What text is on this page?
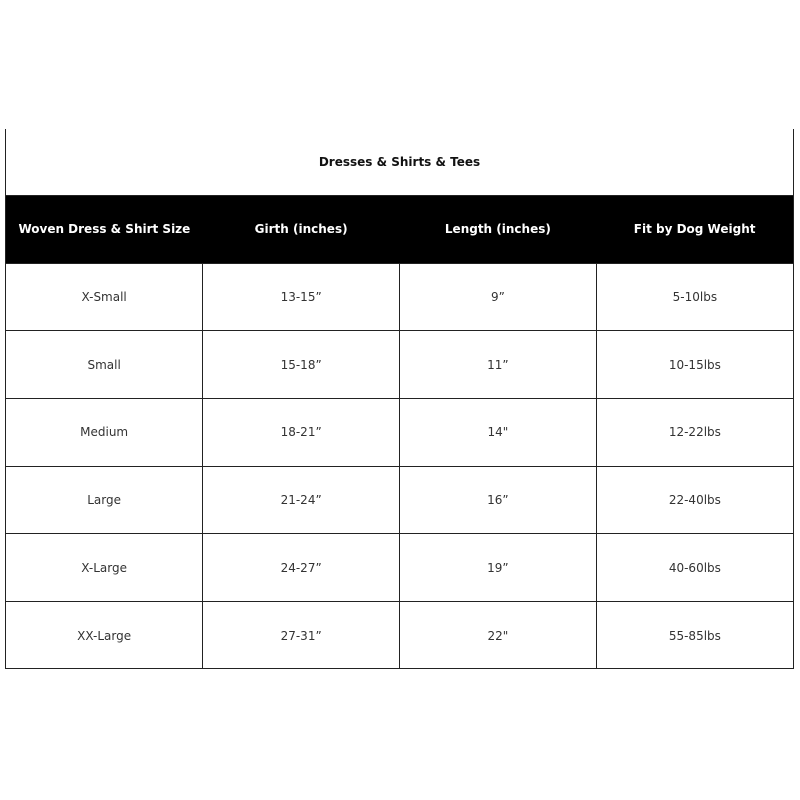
Dresses & Shirts & Tees
Woven Dress & Shirt Size	Girth (inches)	Length (inches)	Fit by Dog Weight
X-Small	13-15”	9”	5-10lbs
Small	15-18”	11”	10-15lbs
Medium	18-21”	14"	12-22lbs
Large	21-24”	16”	22-40lbs
X-Large	24-27”	19”	40-60lbs
XX-Large	27-31”	22"	55-85lbs
